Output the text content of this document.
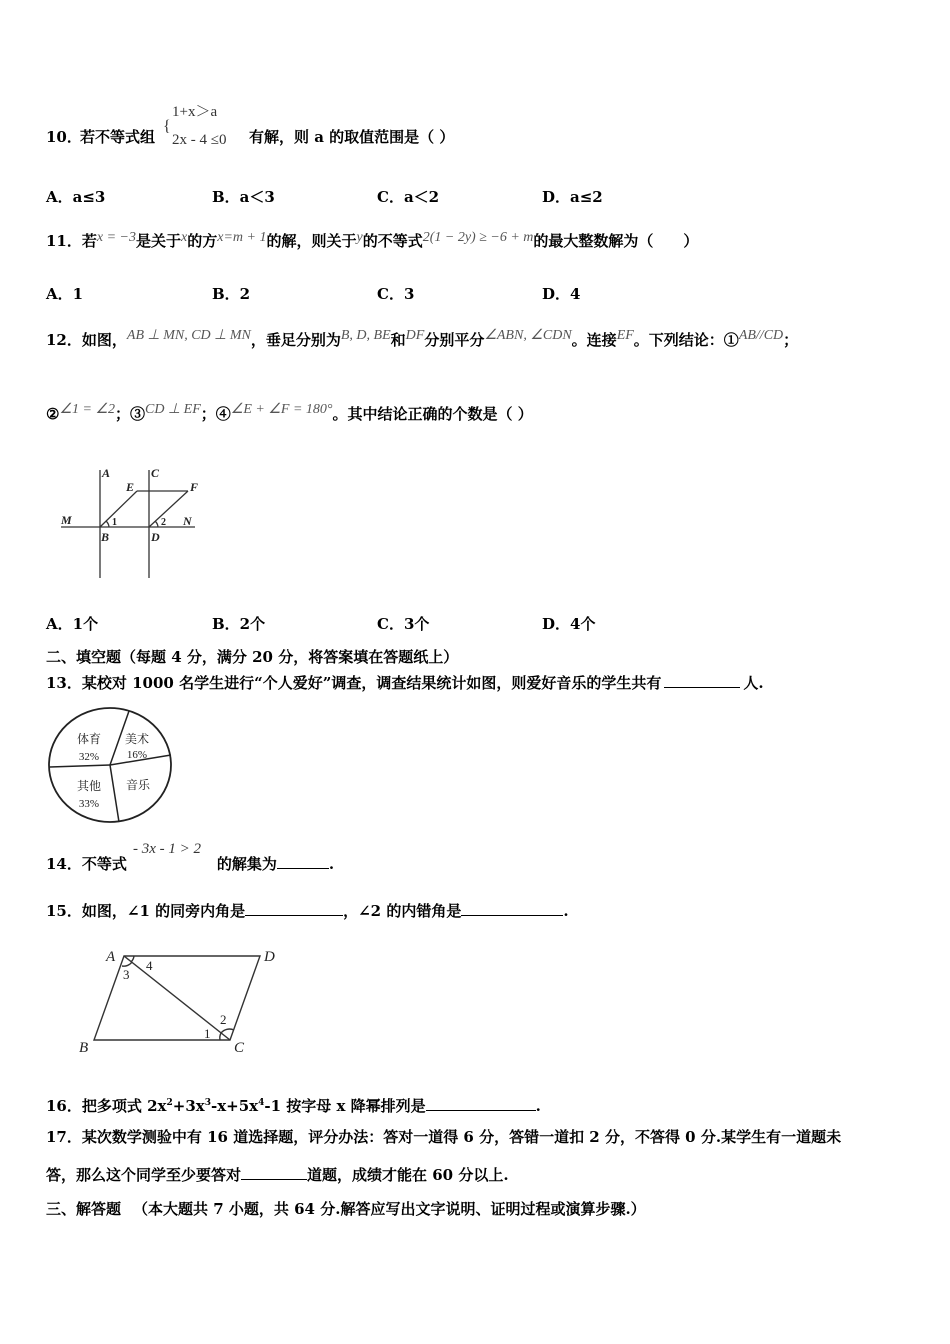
1+x＞a
{
2x - 4 ≤0
10．
若不等式组	有解，则 a 的取值范围是（ ）
A．a≤3	B．a＜3	C．a＜2	D．a≤2
11．若x = −3是关于x的方x=m + 1的解，则关于y的不等式2(1 − 2y) ≥ −6 + m的最大整数解为（　　）
A．1	B．2	C．3	D．4
12．如图，AB ⊥ MN, CD ⊥ MN，垂足分别为B, D, BE和DF分别平分∠ABN, ∠CDN。连接EF。下列结论：①AB//CD；
②∠1 = ∠2；③CD ⊥ EF；④∠E + ∠F = 180°。其中结论正确的个数是（ ）
A	C
E	F
M	N
B	D
1	2
A．1个	B．2个	C．3个	D．4个
二、填空题（每题 4 分，满分 20 分，将答案填在答题纸上）
13．某校对 1000 名学生进行“个人爱好”调查，调查结果统计如图，则爱好音乐的学生共有	人.
体育
32%
美术
16%
其他
33%
音乐
- 3x - 1 > 2
14．不等式	的解集为	.
15．如图，∠1 的同旁内角是	，∠2 的内错角是	.
A	D
B	C
1
2
3
4
16．把多项式 $2x^2+3x^3-x+5x^4-1$ 按字母 x 降幂排列是	.
17．某次数学测验中有 16 道选择题，评分办法：答对一道得 6 分，答错一道扣 2 分，不答得 0 分.某学生有一道题未
答，那么这个同学至少要答对	道题，成绩才能在 60 分以上.
三、解答题 （本大题共 7 小题，共 64 分.解答应写出文字说明、证明过程或演算步骤.）
